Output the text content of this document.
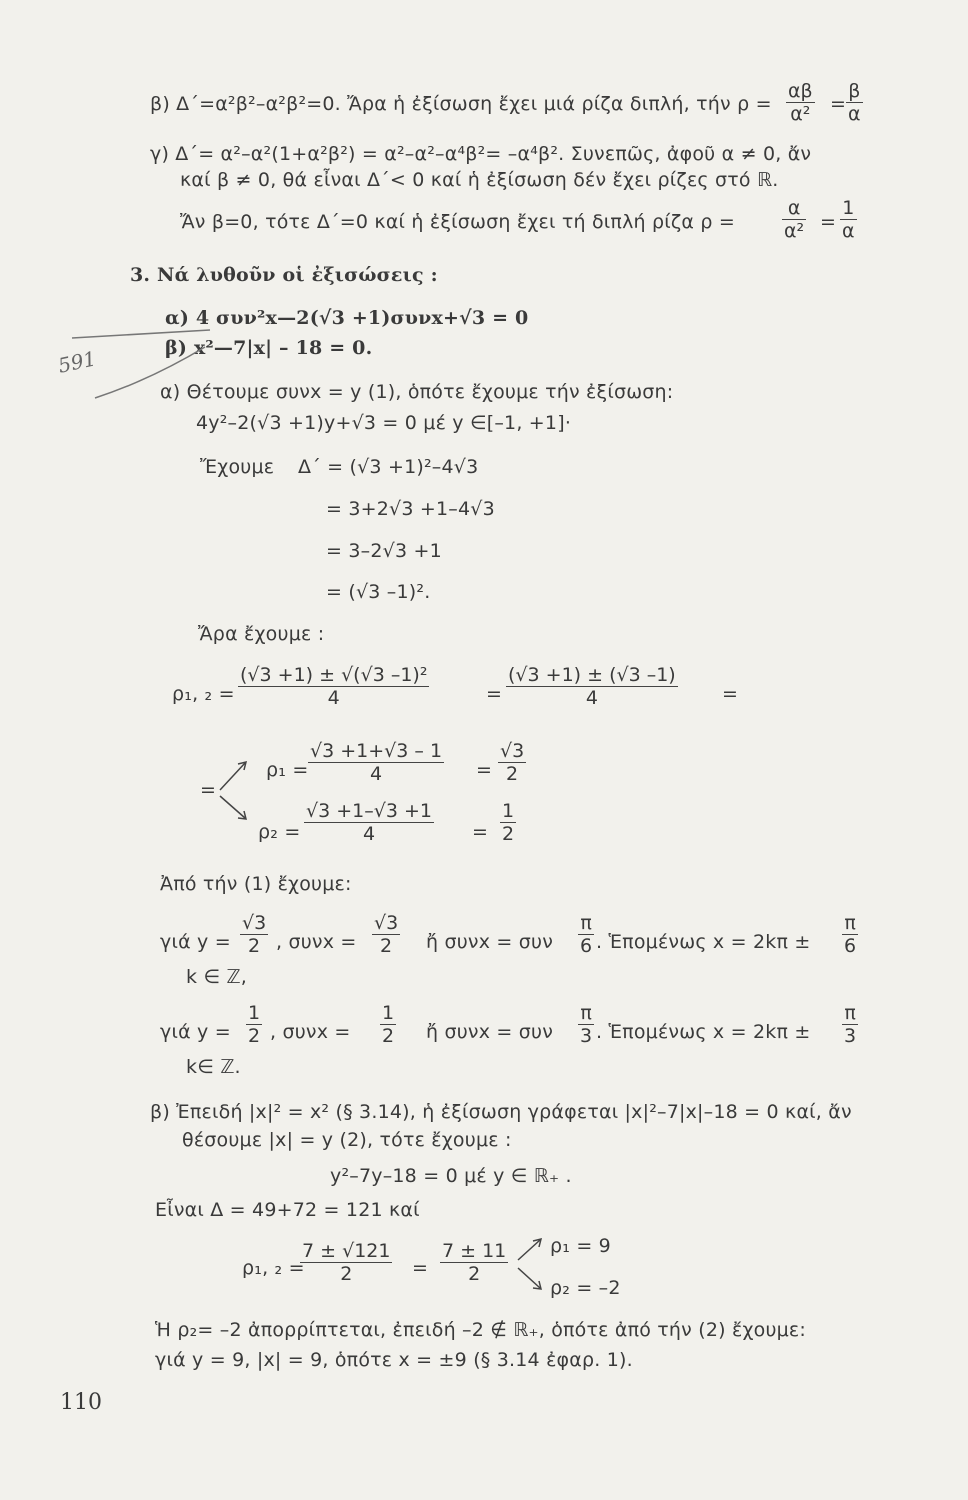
β) Δ΄=α²β²–α²β²=0. Ἄρα ἡ ἐξίσωση ἔχει μιά ρίζα διπλή, τήν ρ =
αβ
α² =
β
α
γ) Δ΄= α²–α²(1+α²β²) = α²–α²–α⁴β²= –α⁴β². Συνεπῶς, ἀφοῦ α ≠ 0, ἄν
καί β ≠ 0, θά εἶναι Δ΄< 0 καί ἡ ἐξίσωση δέν ἔχει ρίζες στό ℝ.
Ἄν β=0, τότε Δ΄=0 καί ἡ ἐξίσωση ἔχει τή διπλή ρίζα ρ =
α
α² =
1
α
3. Νά λυθοῦν οἱ ἐξισώσεις :
α) 4 συν²x—2(√3 +1)συνx+√3 = 0
β) x²—7|x| – 18 = 0.
591
α) Θέτουμε συνx = y (1), ὁπότε ἔχουμε τήν ἐξίσωση:
4y²–2(√3 +1)y+√3 = 0 μέ y ∈[–1, +1]·
Ἔχουμε Δ΄ = (√3 +1)²–4√3
= 3+2√3 +1–4√3
= 3–2√3 +1
= (√3 –1)².
Ἄρα ἔχουμε :
ρ₁, ₂ =
(√3 +1) ± √(√3 –1)²
4	=
(√3 +1) ± (√3 –1)
4	=
=
ρ₁ =
√3 +1+√3 – 1
4	=
√3
2
ρ₂ =
√3 +1–√3 +1
4	=
1
2
Ἀπό τήν (1) ἔχουμε:
γιά y =
√3
2 , συνx =
√3
2 ἤ συνx = συν
π
6 . Ἑπομένως x = 2kπ ±
π
6
k ∈ ℤ,
γιά y =
1
2 , συνx =
1
2 ἤ συνx = συν
π
3 . Ἑπομένως x = 2kπ ±
π
3
k∈ ℤ.
β) Ἐπειδή |x|² = x² (§ 3.14), ἡ ἐξίσωση γράφεται |x|²–7|x|–18 = 0 καί, ἄν
θέσουμε |x| = y (2), τότε ἔχουμε :
y²–7y–18 = 0 μέ y ∈ ℝ₊ .
Εἶναι Δ = 49+72 = 121 καί
ρ₁, ₂ =
7 ± √121
2	=
7 ± 11
2
ρ₁ = 9
ρ₂ = –2
Ἡ ρ₂= –2 ἀπορρίπτεται, ἐπειδή –2 ∉ ℝ₊, ὁπότε ἀπό τήν (2) ἔχουμε:
γιά y = 9, |x| = 9, ὁπότε x = ±9 (§ 3.14 ἐφαρ. 1).
110
